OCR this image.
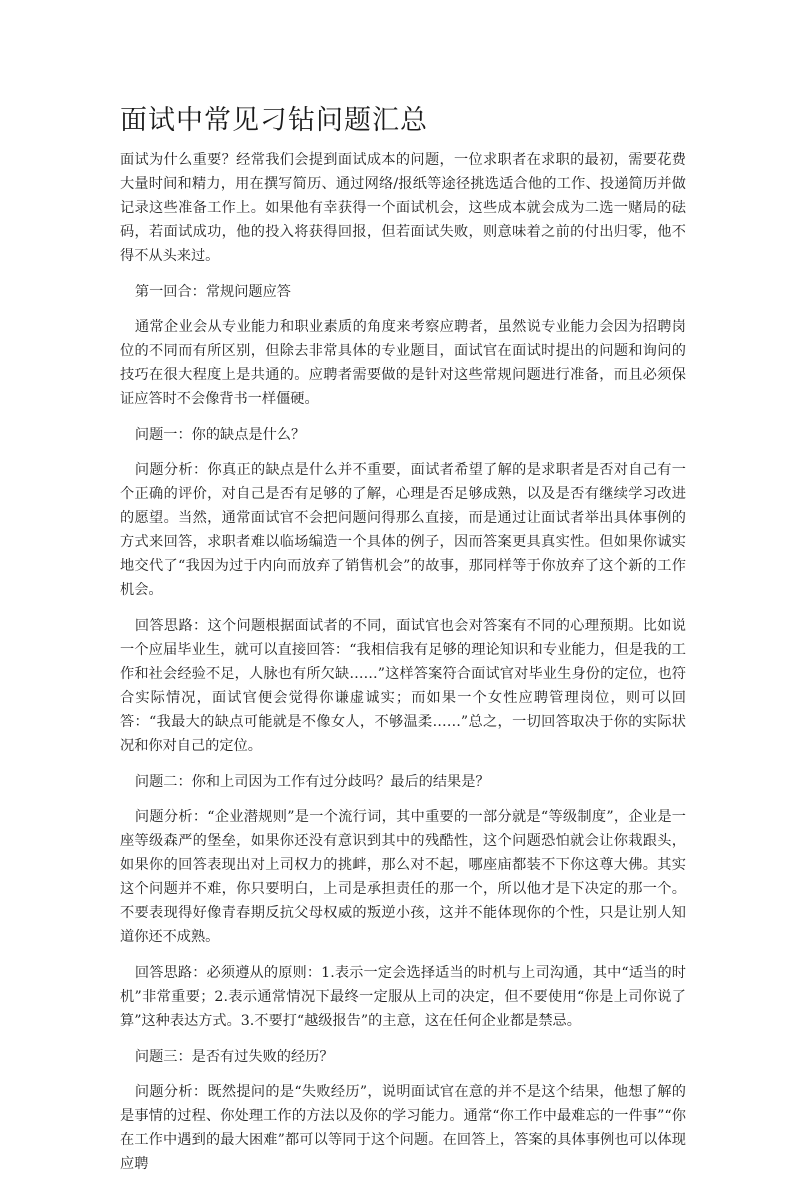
面试中常见刁钻问题汇总

面试为什么重要？经常我们会提到面试成本的问题，一位求职者在求职的最初，需要花费大量时间和精力，用在撰写简历、通过网络/报纸等途径挑选适合他的工作、投递简历并做记录这些准备工作上。如果他有幸获得一个面试机会，这些成本就会成为二选一赌局的砝码，若面试成功，他的投入将获得回报，但若面试失败，则意味着之前的付出归零，他不得不从头来过。

第一回合：常规问题应答

通常企业会从专业能力和职业素质的角度来考察应聘者，虽然说专业能力会因为招聘岗位的不同而有所区别，但除去非常具体的专业题目，面试官在面试时提出的问题和询问的技巧在很大程度上是共通的。应聘者需要做的是针对这些常规问题进行准备，而且必须保证应答时不会像背书一样僵硬。

问题一：你的缺点是什么？

问题分析：你真正的缺点是什么并不重要，面试者希望了解的是求职者是否对自己有一个正确的评价，对自己是否有足够的了解，心理是否足够成熟，以及是否有继续学习改进的愿望。当然，通常面试官不会把问题问得那么直接，而是通过让面试者举出具体事例的方式来回答，求职者难以临场编造一个具体的例子，因而答案更具真实性。但如果你诚实地交代了“我因为过于内向而放弃了销售机会”的故事，那同样等于你放弃了这个新的工作机会。

回答思路：这个问题根据面试者的不同，面试官也会对答案有不同的心理预期。比如说一个应届毕业生，就可以直接回答：“我相信我有足够的理论知识和专业能力，但是我的工作和社会经验不足，人脉也有所欠缺……”这样答案符合面试官对毕业生身份的定位，也符合实际情况，面试官便会觉得你谦虚诚实；而如果一个女性应聘管理岗位，则可以回答：“我最大的缺点可能就是不像女人，不够温柔……”总之，一切回答取决于你的实际状况和你对自己的定位。

问题二：你和上司因为工作有过分歧吗？最后的结果是？

问题分析：“企业潜规则”是一个流行词，其中重要的一部分就是“等级制度”，企业是一座等级森严的堡垒，如果你还没有意识到其中的残酷性，这个问题恐怕就会让你栽跟头，如果你的回答表现出对上司权力的挑衅，那么对不起，哪座庙都装不下你这尊大佛。其实这个问题并不难，你只要明白，上司是承担责任的那一个，所以他才是下决定的那一个。不要表现得好像青春期反抗父母权威的叛逆小孩，这并不能体现你的个性，只是让别人知道你还不成熟。

回答思路：必须遵从的原则：1.表示一定会选择适当的时机与上司沟通，其中“适当的时机”非常重要；2.表示通常情况下最终一定服从上司的决定，但不要使用“你是上司你说了算”这种表达方式。3.不要打“越级报告”的主意，这在任何企业都是禁忌。

问题三：是否有过失败的经历？

问题分析：既然提问的是“失败经历”，说明面试官在意的并不是这个结果，他想了解的是事情的过程、你处理工作的方法以及你的学习能力。通常“你工作中最难忘的一件事”“你在工作中遇到的最大困难”都可以等同于这个问题。在回答上，答案的具体事例也可以体现应聘
